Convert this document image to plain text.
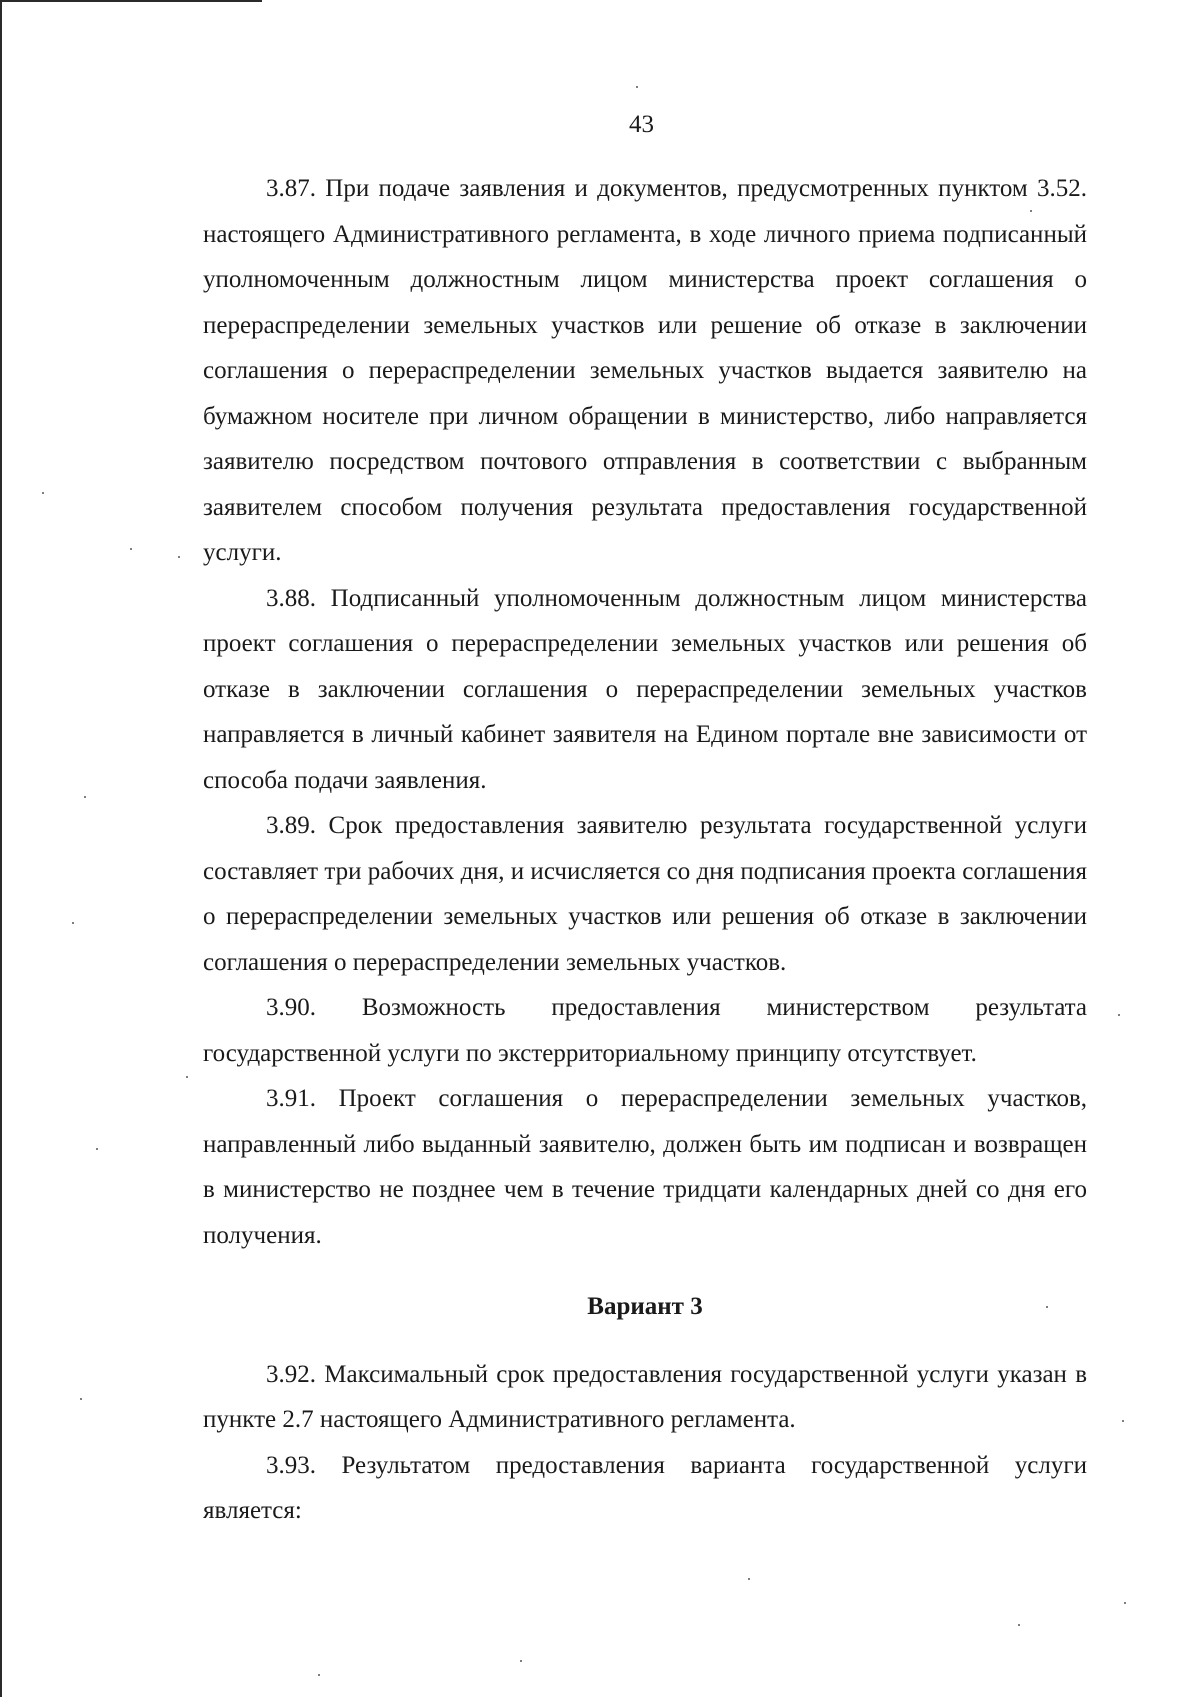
43

3.87. При подаче заявления и документов, предусмотренных пунктом 3.52. настоящего Административного регламента, в ходе личного приема подписанный уполномоченным должностным лицом министерства проект соглашения о перераспределении земельных участков или решение об отказе в заключении соглашения о перераспределении земельных участков выдается заявителю на бумажном носителе при личном обращении в министерство, либо направляется заявителю посредством почтового отправления в соответствии с выбранным заявителем способом получения результата предоставления государственной услуги.

3.88. Подписанный уполномоченным должностным лицом министерства проект соглашения о перераспределении земельных участков или решения об отказе в заключении соглашения о перераспределении земельных участков направляется в личный кабинет заявителя на Едином портале вне зависимости от способа подачи заявления.

3.89. Срок предоставления заявителю результата государственной услуги составляет три рабочих дня, и исчисляется со дня подписания проекта соглашения о перераспределении земельных участков или решения об отказе в заключении соглашения о перераспределении земельных участков.

3.90. Возможность предоставления министерством результата государственной услуги по экстерриториальному принципу отсутствует.

3.91. Проект соглашения о перераспределении земельных участков, направленный либо выданный заявителю, должен быть им подписан и возвращен в министерство не позднее чем в течение тридцати календарных дней со дня его получения.

Вариант 3

3.92. Максимальный срок предоставления государственной услуги указан в пункте 2.7 настоящего Административного регламента.

3.93. Результатом предоставления варианта государственной услуги является:
